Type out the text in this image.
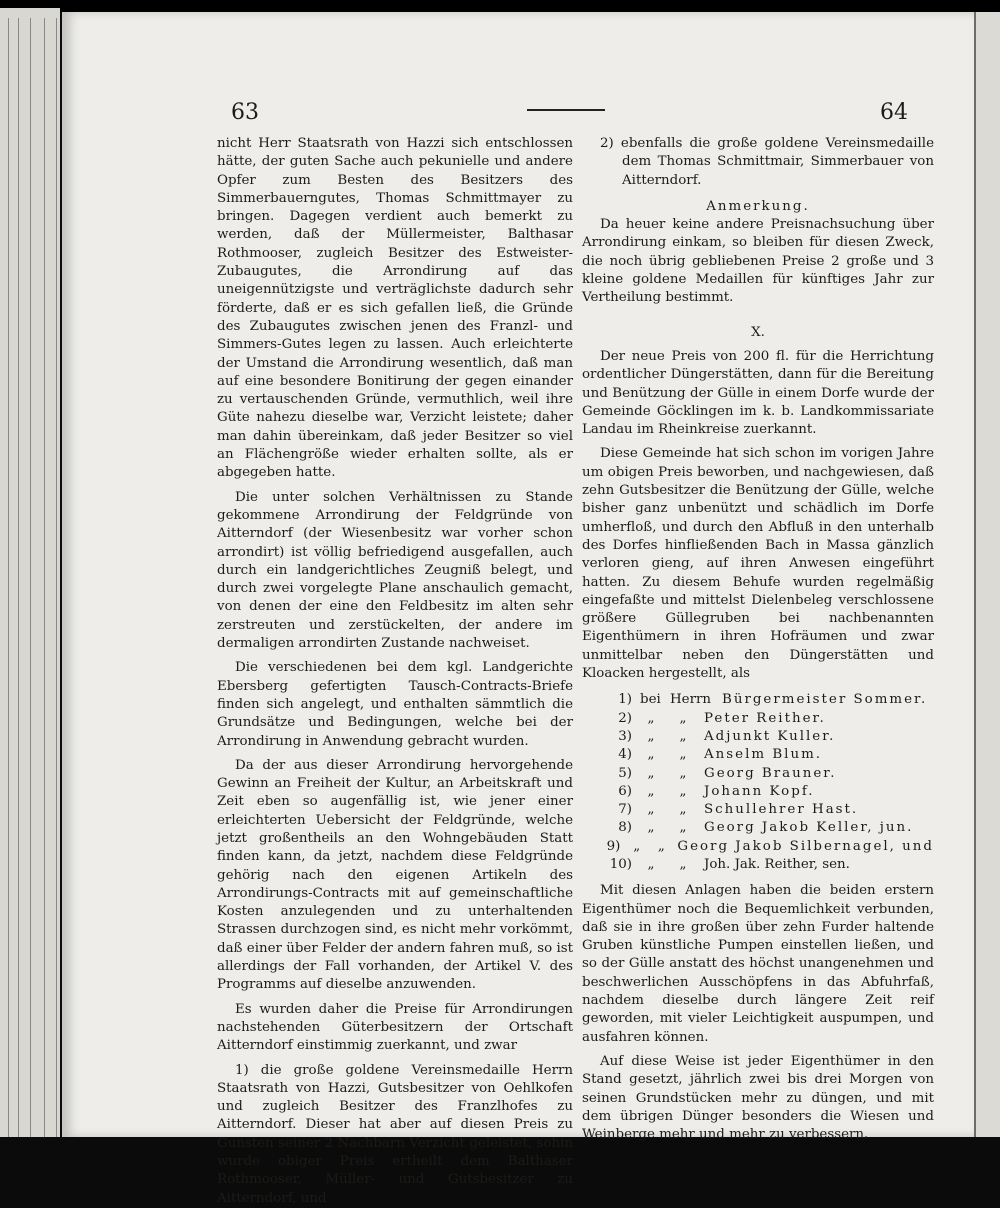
63	64

nicht Herr Staatsrath von Hazzi sich entschlossen hätte, der guten Sache auch pekunielle und andere Opfer zum Besten des Besitzers des Simmerbauerngutes, Thomas Schmittmayer zu bringen. Dagegen verdient auch bemerkt zu werden, daß der Müllermeister, Balthasar Rothmooser, zugleich Besitzer des Estweister-Zubaugutes, die Arrondirung auf das uneigennützigste und verträglichste dadurch sehr förderte, daß er es sich gefallen ließ, die Gründe des Zubaugutes zwischen jenen des Franzl- und Simmers-Gutes legen zu lassen. Auch erleichterte der Umstand die Arrondirung wesentlich, daß man auf eine besondere Bonitirung der gegen einander zu vertauschenden Gründe, vermuthlich, weil ihre Güte nahezu dieselbe war, Verzicht leistete; daher man dahin übereinkam, daß jeder Besitzer so viel an Flächengröße wieder erhalten sollte, als er abgegeben hatte.

Die unter solchen Verhältnissen zu Stande gekommene Arrondirung der Feldgründe von Aitterndorf (der Wiesenbesitz war vorher schon arrondirt) ist völlig befriedigend ausgefallen, auch durch ein landgerichtliches Zeugniß belegt, und durch zwei vorgelegte Plane anschaulich gemacht, von denen der eine den Feldbesitz im alten sehr zerstreuten und zerstückelten, der andere im dermaligen arrondirten Zustande nachweiset.

Die verschiedenen bei dem kgl. Landgerichte Ebersberg gefertigten Tausch-Contracts-Briefe finden sich angelegt, und enthalten sämmtlich die Grundsätze und Bedingungen, welche bei der Arrondirung in Anwendung gebracht wurden.

Da der aus dieser Arrondirung hervorgehende Gewinn an Freiheit der Kultur, an Arbeitskraft und Zeit eben so augenfällig ist, wie jener einer erleichterten Uebersicht der Feldgründe, welche jetzt großentheils an den Wohngebäuden Statt finden kann, da jetzt, nachdem diese Feldgründe gehörig nach den eigenen Artikeln des Arrondirungs-Contracts mit auf gemeinschaftliche Kosten anzulegenden und zu unterhaltenden Strassen durchzogen sind, es nicht mehr vorkömmt, daß einer über Felder der andern fahren muß, so ist allerdings der Fall vorhanden, der Artikel V. des Programms auf dieselbe anzuwenden.

Es wurden daher die Preise für Arrondirungen nachstehenden Güterbesitzern der Ortschaft Aitterndorf einstimmig zuerkannt, und zwar

1) die große goldene Vereinsmedaille Herrn Staatsrath von Hazzi, Gutsbesitzer von Oehlkofen und zugleich Besitzer des Franzlhofes zu Aitterndorf. Dieser hat aber auf diesen Preis zu Gunsten seiner 2 Nachbarn Verzicht geleistet, sohin wurde obiger Preis ertheilt dem Balthaser Rothmooser, Müller- und Gutsbesitzer zu Aitterndorf, und

2) ebenfalls die große goldene Vereinsmedaille dem Thomas Schmittmair, Simmerbauer von Aitterndorf.

Anmerkung.

Da heuer keine andere Preisnachsuchung über Arrondirung einkam, so bleiben für diesen Zweck, die noch übrig gebliebenen Preise 2 große und 3 kleine goldene Medaillen für künftiges Jahr zur Vertheilung bestimmt.

X.

Der neue Preis von 200 fl. für die Herrichtung ordentlicher Düngerstätten, dann für die Bereitung und Benützung der Gülle in einem Dorfe wurde der Gemeinde Göcklingen im k. b. Landkommissariate Landau im Rheinkreise zuerkannt.

Diese Gemeinde hat sich schon im vorigen Jahre um obigen Preis beworben, und nachgewiesen, daß zehn Gutsbesitzer die Benützung der Gülle, welche bisher ganz unbenützt und schädlich im Dorfe umherfloß, und durch den Abfluß in den unterhalb des Dorfes hinfließenden Bach in Massa gänzlich verloren gieng, auf ihren Anwesen eingeführt hatten. Zu diesem Behufe wurden regelmäßig eingefaßte und mittelst Dielenbeleg verschlossene größere Güllegruben bei nachbenannten Eigenthümern in ihren Hofräumen und zwar unmittelbar neben den Düngerstätten und Kloacken hergestellt, als

1) bei Herrn Bürgermeister Sommer.
2)	„	„	Peter Reither.
3)	„	„	Adjunkt Kuller.
4)	„	„	Anselm Blum.
5)	„	„	Georg Brauner.
6)	„	„	Johann Kopf.
7)	„	„	Schullehrer Hast.
8)	„	„	Georg Jakob Keller, jun.
9) „	„ Georg Jakob Silbernagel, und
10)	„	„	Joh. Jak. Reither, sen.

Mit diesen Anlagen haben die beiden erstern Eigenthümer noch die Bequemlichkeit verbunden, daß sie in ihre großen über zehn Furder haltende Gruben künstliche Pumpen einstellen ließen, und so der Gülle anstatt des höchst unangenehmen und beschwerlichen Ausschöpfens in das Abfuhrfaß, nachdem dieselbe durch längere Zeit reif geworden, mit vieler Leichtigkeit auspumpen, und ausfahren können.

Auf diese Weise ist jeder Eigenthümer in den Stand gesetzt, jährlich zwei bis drei Morgen von seinen Grundstücken mehr zu düngen, und mit dem übrigen Dünger besonders die Wiesen und Weinberge mehr und mehr zu verbessern.
